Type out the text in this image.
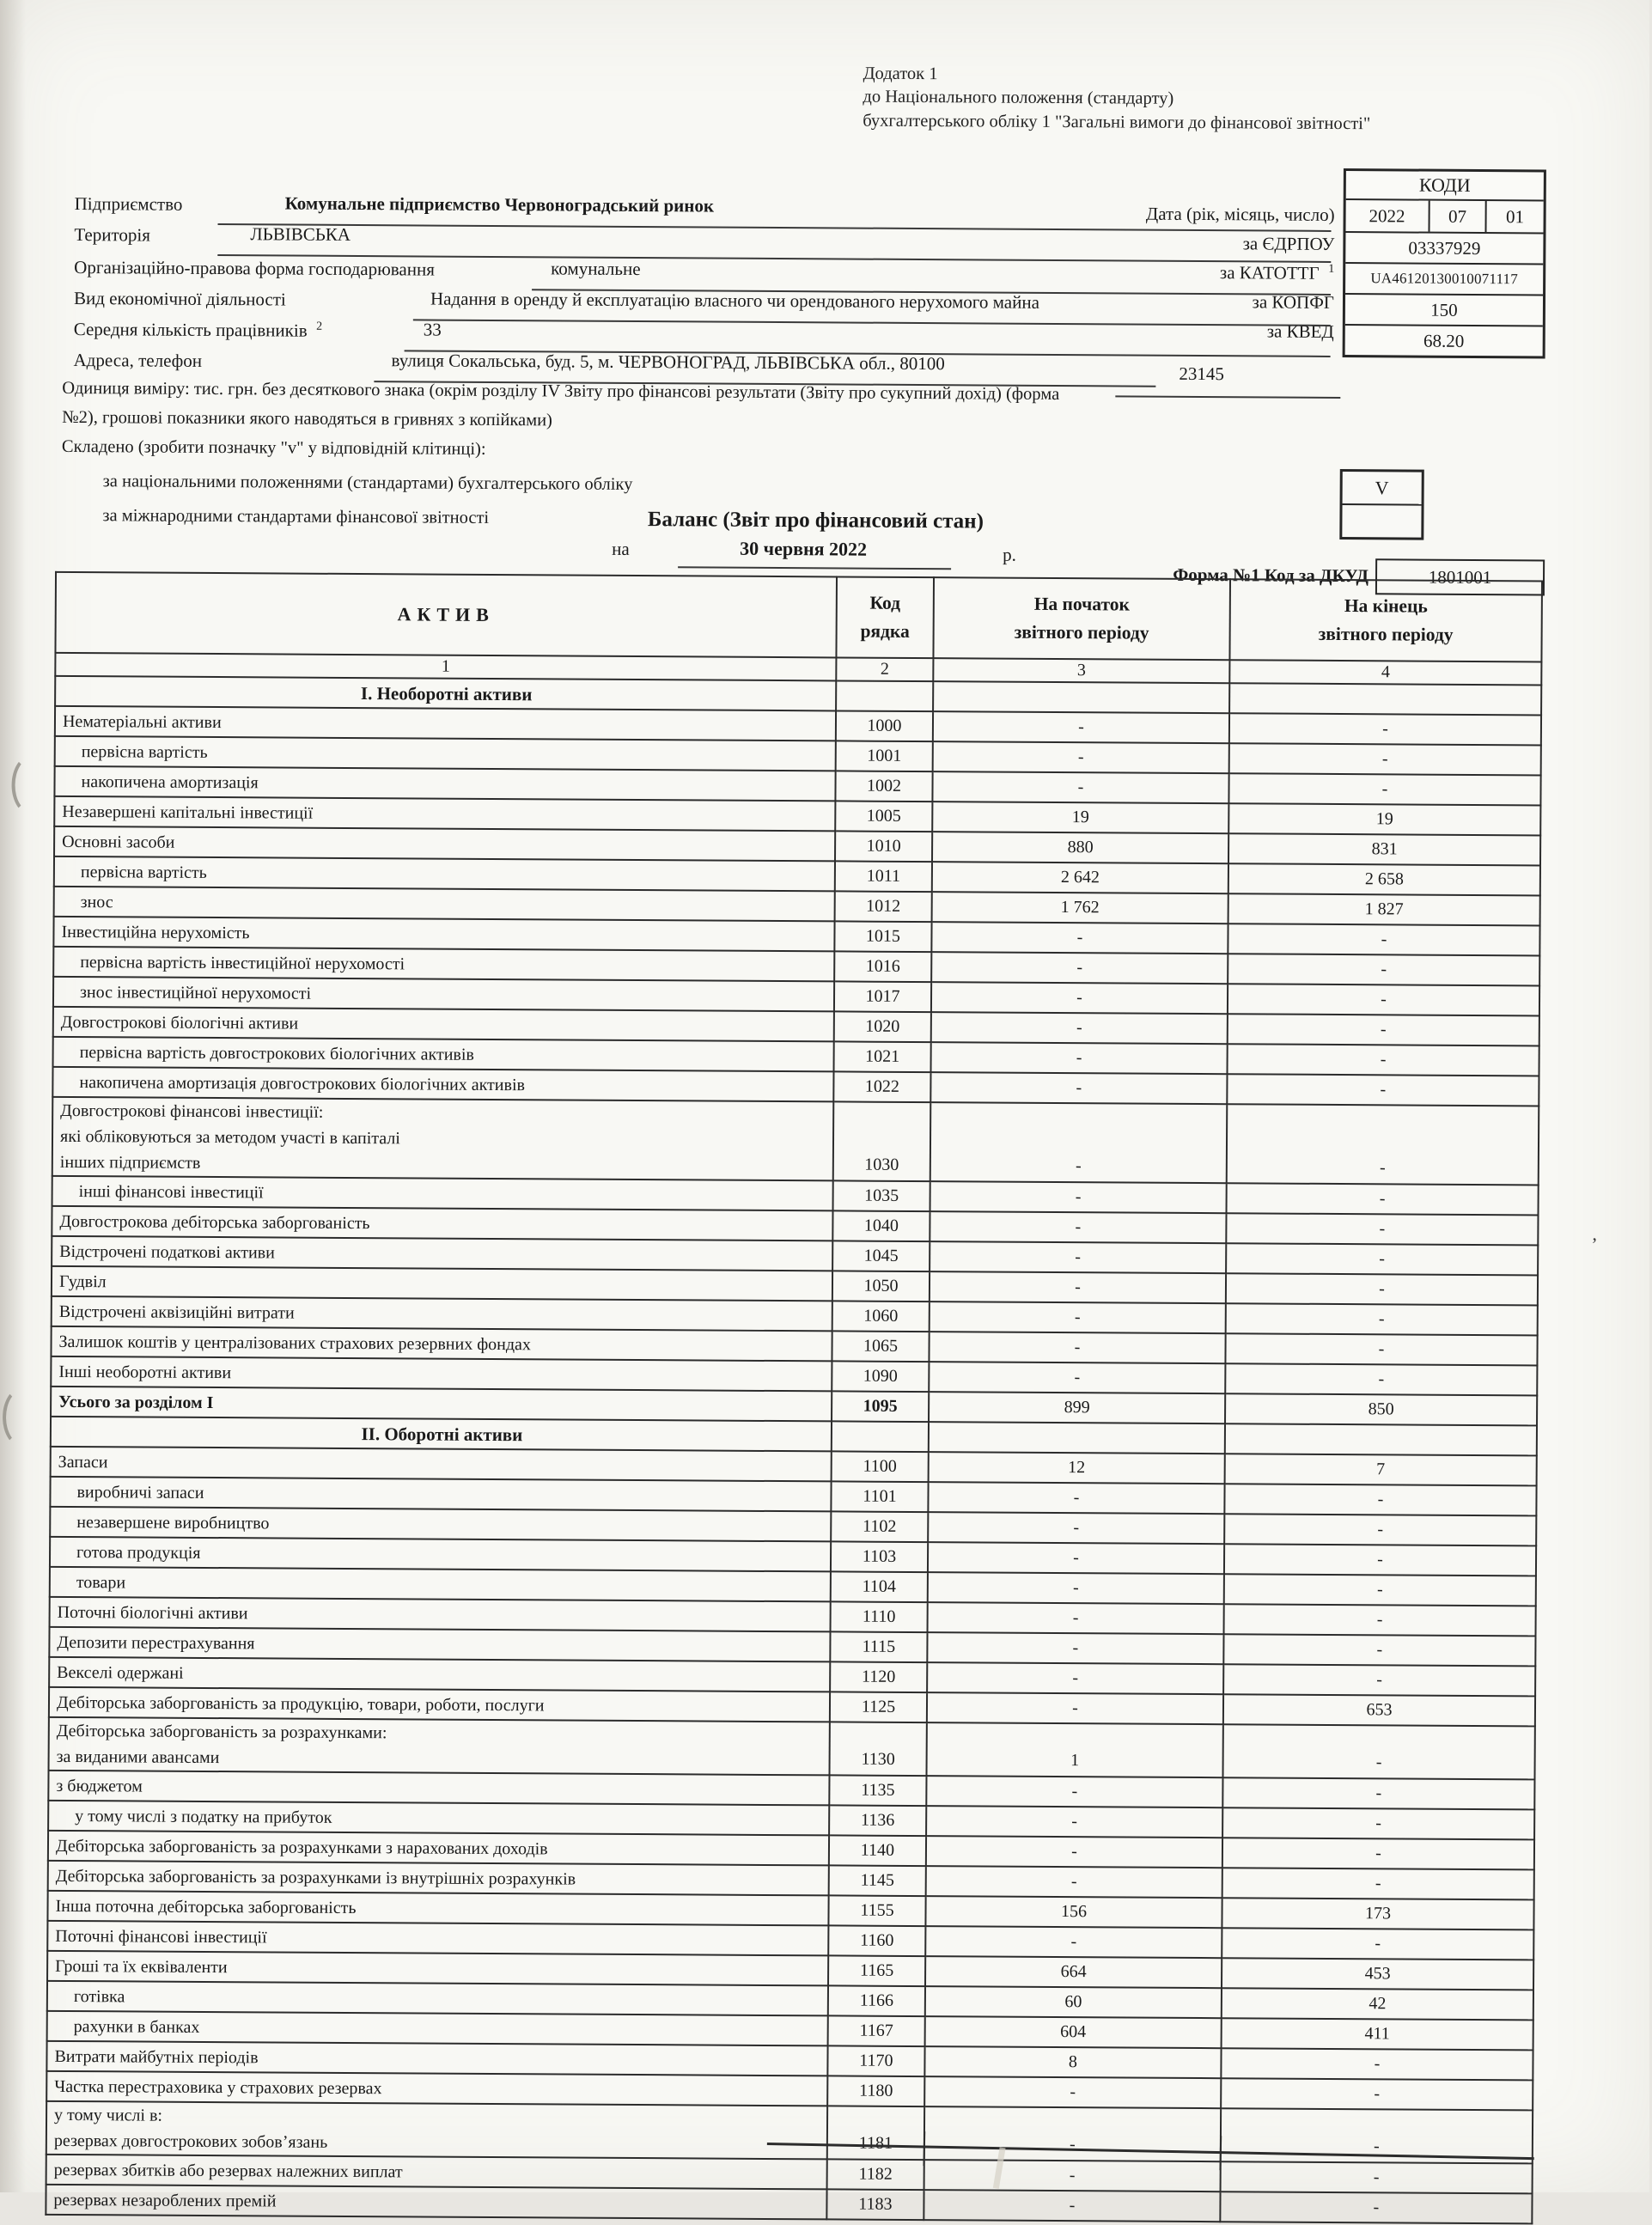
Додаток 1
до Національного положення (стандарту)
бухгалтерського обліку 1 "Загальні вимоги до фінансової звітності"
КОДИ
2022	07	01
03337929
UA46120130010071117
150
68.20
Дата (рік, місяць, число)
за ЄДРПОУ
за КАТОТТГ $^1$
за КОПФГ
за КВЕД
Підприємство	Комунальне підприємство Червоноградський ринок
Територія	ЛЬВІВСЬКА
Організаційно-правова форма господарювання	комунальне
Вид економічної діяльності	Надання в оренду й експлуатацію власного чи орендованого нерухомого майна
Середня кількість працівників $^2$	33
Адреса, телефон	вулиця Сокальська, буд. 5, м. ЧЕРВОНОГРАД, ЛЬВІВСЬКА обл., 80100	23145
Одиниця виміру: тис. грн. без десяткового знака (окрім розділу IV Звіту про фінансові результати (Звіту про сукупний дохід) (форма
№2), грошові показники якого наводяться в гривнях з копійками)
Складено (зробити позначку "v" у відповідній клітинці):
за національними положеннями (стандартами) бухгалтерського обліку
за міжнародними стандартами фінансової звітності
V
Баланс (Звіт про фінансовий стан)
на	30 червня 2022	р.
Форма №1 Код за ДКУД	1801001
АКТИВ	
Код
рядка

На початок
звітного періоду

На кінець
звітного періоду

1	2	3	4
І. Необоротні активи			
Нематеріальні активи	1000	-	-
первісна вартість	1001	-	-
накопичена амортизація	1002	-	-
Незавершені капітальні інвестиції	1005	19	19
Основні засоби	1010	880	831
первісна вартість	1011	2 642	2 658
знос	1012	1 762	1 827
Інвестиційна нерухомість	1015	-	-
первісна вартість інвестиційної нерухомості	1016	-	-
знос інвестиційної нерухомості	1017	-	-
Довгострокові біологічні активи	1020	-	-
первісна вартість довгострокових біологічних активів	1021	-	-
накопичена амортизація довгострокових біологічних активів	1022	-	-

Довгострокові фінансові інвестиції:
які обліковуються за методом участі в капіталі
інших підприємств	1030	-	-
інші фінансові інвестиції	1035	-	-
Довгострокова дебіторська заборгованість	1040	-	-
Відстрочені податкові активи	1045	-	-
Гудвіл	1050	-	-
Відстрочені аквізиційні витрати	1060	-	-
Залишок коштів у централізованих страхових резервних фондах	1065	-	-
Інші необоротні активи	1090	-	-
Усього за розділом I	1095	899	850
ІІ. Оборотні активи			
Запаси	1100	12	7
виробничі запаси	1101	-	-
незавершене виробництво	1102	-	-
готова продукція	1103	-	-
товари	1104	-	-
Поточні біологічні активи	1110	-	-
Депозити перестрахування	1115	-	-
Векселі одержані	1120	-	-
Дебіторська заборгованість за продукцію, товари, роботи, послуги	1125	-	653

Дебіторська заборгованість за розрахунками:
за виданими авансами	1130	1	-
з бюджетом	1135	-	-
у тому числі з податку на прибуток	1136	-	-
Дебіторська заборгованість за розрахунками з нарахованих доходів	1140	-	-
Дебіторська заборгованість за розрахунками із внутрішніх розрахунків	1145	-	-
Інша поточна дебіторська заборгованість	1155	156	173
Поточні фінансові інвестиції	1160	-	-
Гроші та їх еквіваленти	1165	664	453
готівка	1166	60	42
рахунки в банках	1167	604	411
Витрати майбутніх періодів	1170	8	-
Частка перестраховика у страхових резервах	1180	-	-

у тому числі в:
резервах довгострокових зобов’язань	1181	-	-
резервах збитків або резервах належних виплат	1182	-	-
резервах незароблених премій	1183	-	-
’
